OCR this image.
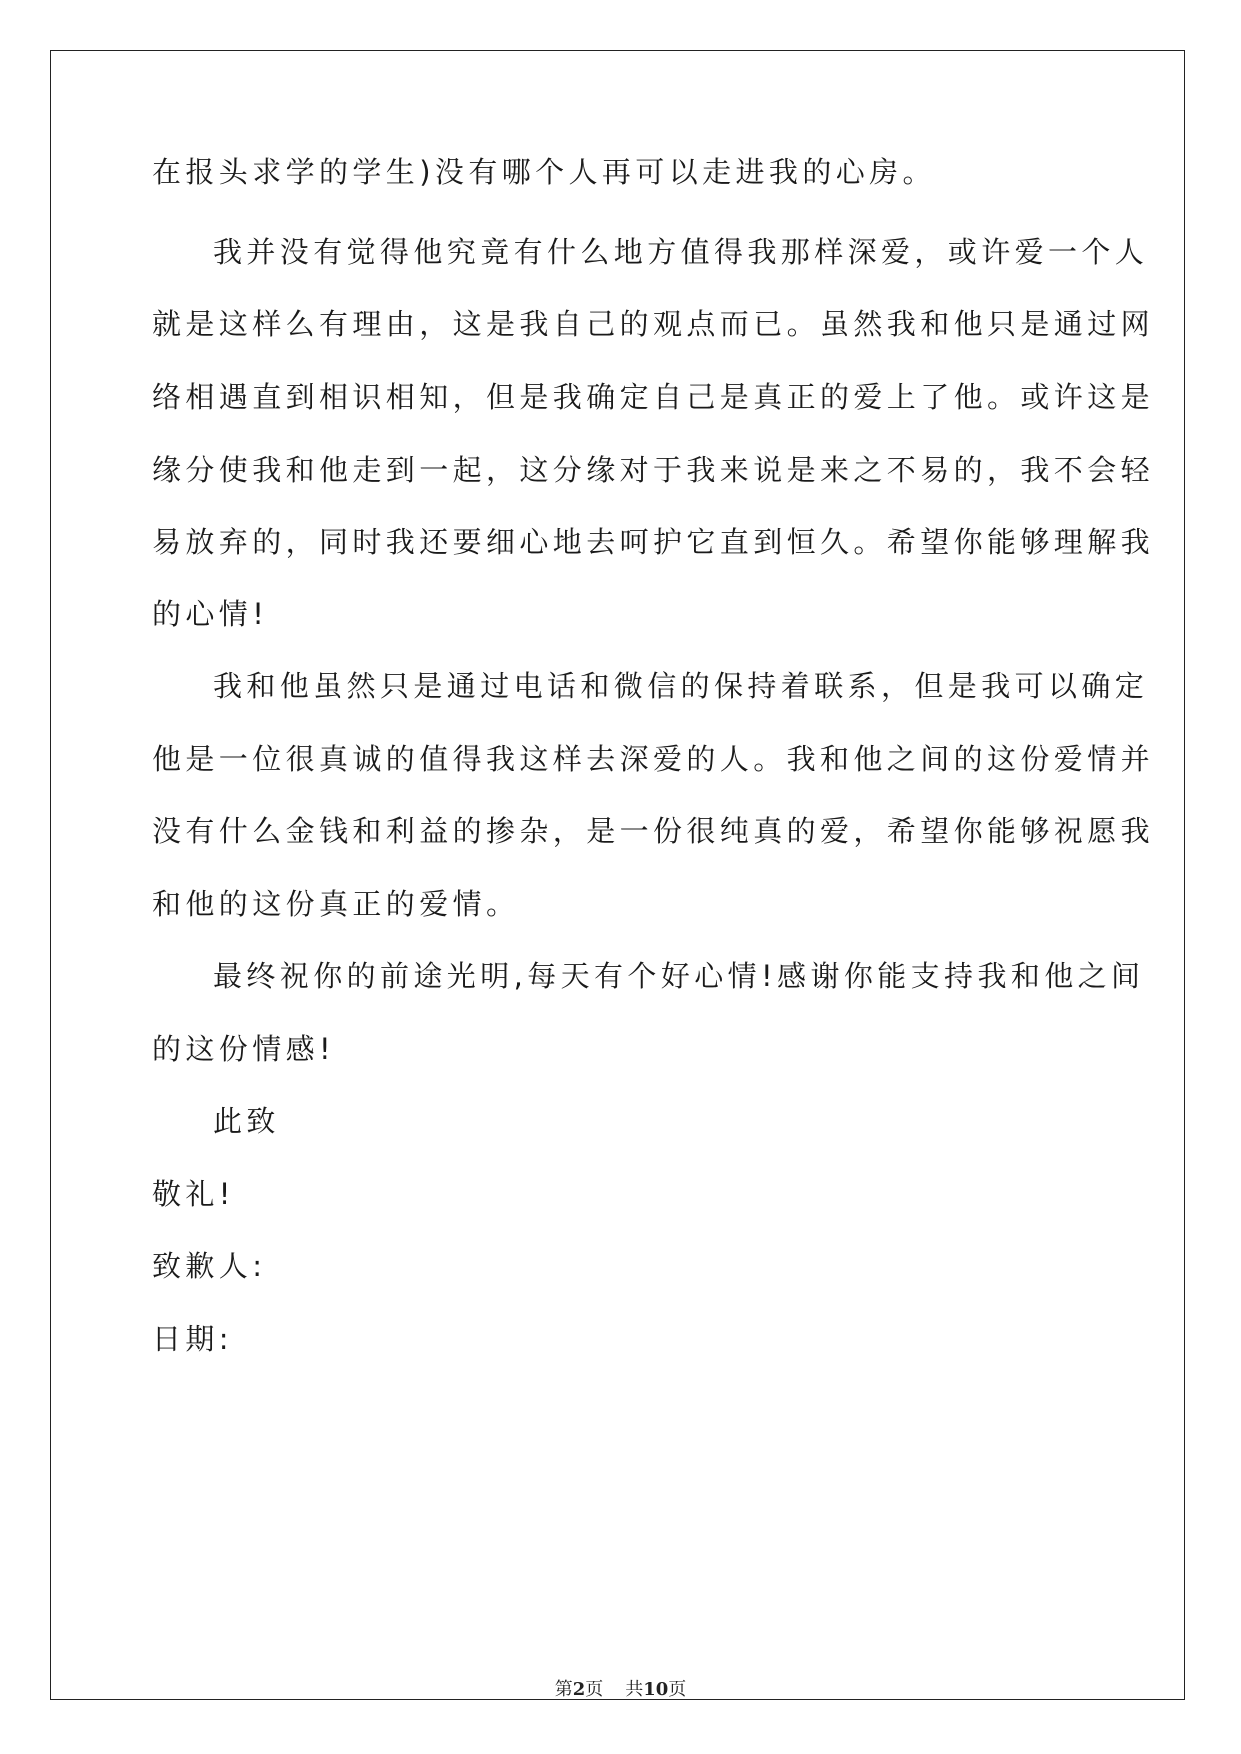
在报头求学的学生)没有哪个人再可以走进我的心房。

我并没有觉得他究竟有什么地方值得我那样深爱，或许爱一个人

就是这样么有理由，这是我自己的观点而已。虽然我和他只是通过网

络相遇直到相识相知，但是我确定自己是真正的爱上了他。或许这是

缘分使我和他走到一起，这分缘对于我来说是来之不易的，我不会轻

易放弃的，同时我还要细心地去呵护它直到恒久。希望你能够理解我

的心情!

我和他虽然只是通过电话和微信的保持着联系，但是我可以确定

他是一位很真诚的值得我这样去深爱的人。我和他之间的这份爱情并

没有什么金钱和利益的掺杂，是一份很纯真的爱，希望你能够祝愿我

和他的这份真正的爱情。

最终祝你的前途光明,每天有个好心情!感谢你能支持我和他之间

的这份情感!

此致

敬礼!

致歉人:

日期:

第2页 共10页
